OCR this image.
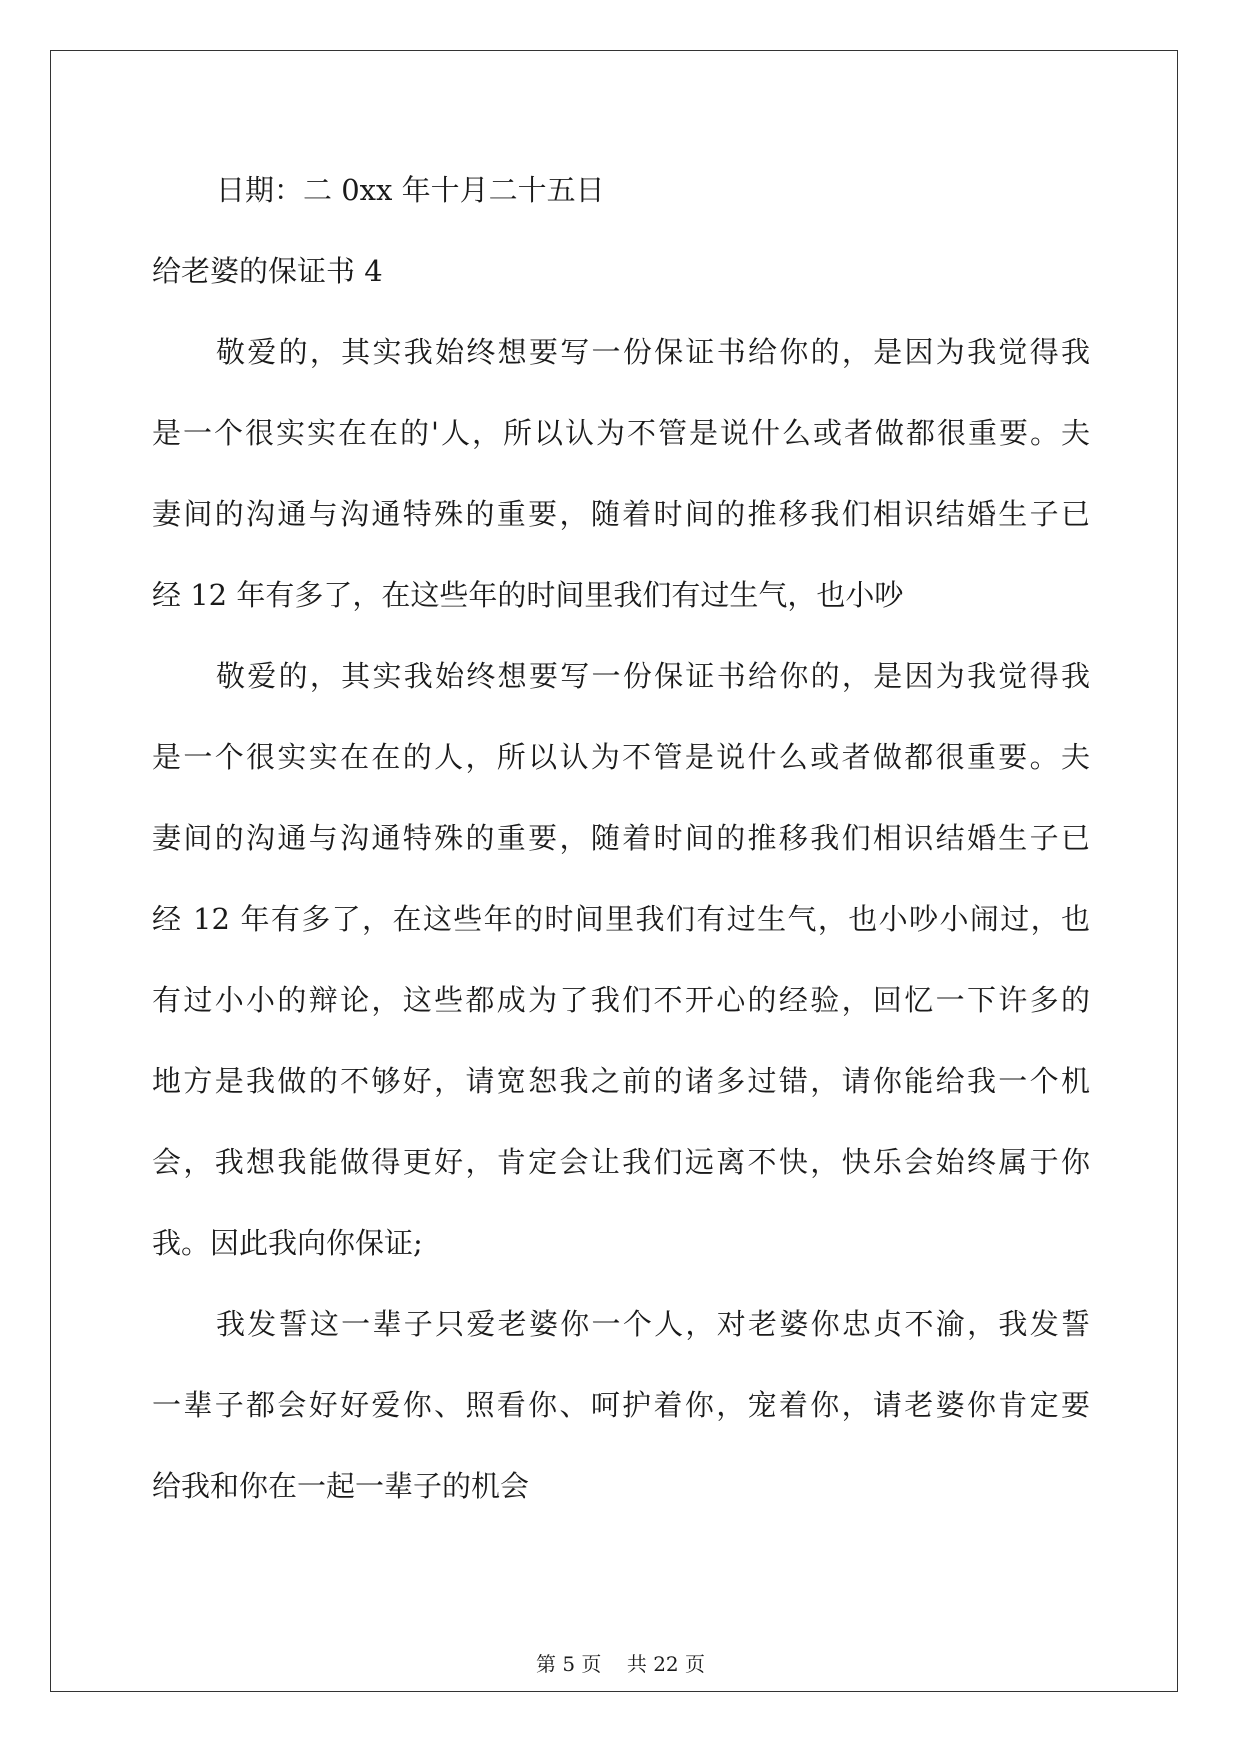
日期：二 0xx 年十月二十五日
给老婆的保证书 4
敬爱的，其实我始终想要写一份保证书给你的，是因为我觉得我
是一个很实实在在的'人，所以认为不管是说什么或者做都很重要。夫
妻间的沟通与沟通特殊的重要，随着时间的推移我们相识结婚生子已
经 12 年有多了，在这些年的时间里我们有过生气，也小吵
敬爱的，其实我始终想要写一份保证书给你的，是因为我觉得我
是一个很实实在在的人，所以认为不管是说什么或者做都很重要。夫
妻间的沟通与沟通特殊的重要，随着时间的推移我们相识结婚生子已
经 12 年有多了，在这些年的时间里我们有过生气，也小吵小闹过，也
有过小小的辩论，这些都成为了我们不开心的经验，回忆一下许多的
地方是我做的不够好，请宽恕我之前的诸多过错，请你能给我一个机
会，我想我能做得更好，肯定会让我们远离不快，快乐会始终属于你
我。因此我向你保证;
我发誓这一辈子只爱老婆你一个人，对老婆你忠贞不渝，我发誓
一辈子都会好好爱你、照看你、呵护着你，宠着你，请老婆你肯定要
给我和你在一起一辈子的机会
第 5 页    共 22 页
